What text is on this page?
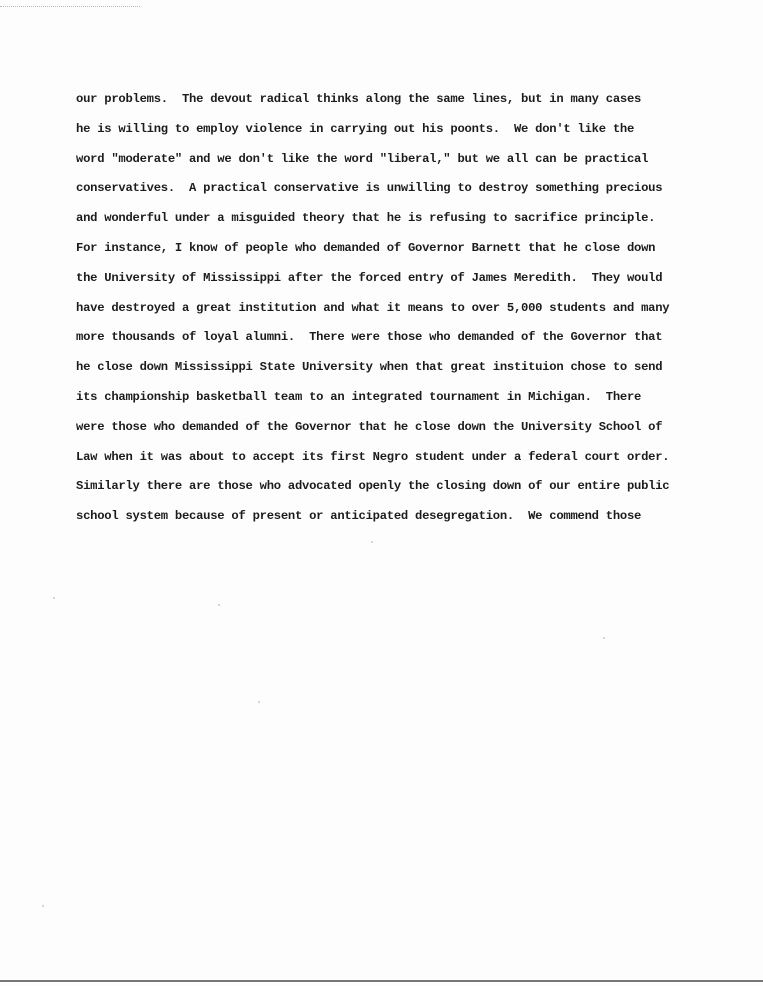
our problems.  The devout radical thinks along the same lines, but in many cases
he is willing to employ violence in carrying out his poonts.  We don't like the
word "moderate" and we don't like the word "liberal," but we all can be practical
conservatives.  A practical conservative is unwilling to destroy something precious
and wonderful under a misguided theory that he is refusing to sacrifice principle.
For instance, I know of people who demanded of Governor Barnett that he close down
the University of Mississippi after the forced entry of James Meredith.  They would
have destroyed a great institution and what it means to over 5,000 students and many
more thousands of loyal alumni.  There were those who demanded of the Governor that
he close down Mississippi State University when that great instituion chose to send
its championship basketball team to an integrated tournament in Michigan.  There
were those who demanded of the Governor that he close down the University School of
Law when it was about to accept its first Negro student under a federal court order.
Similarly there are those who advocated openly the closing down of our entire public
school system because of present or anticipated desegregation.  We commend those
